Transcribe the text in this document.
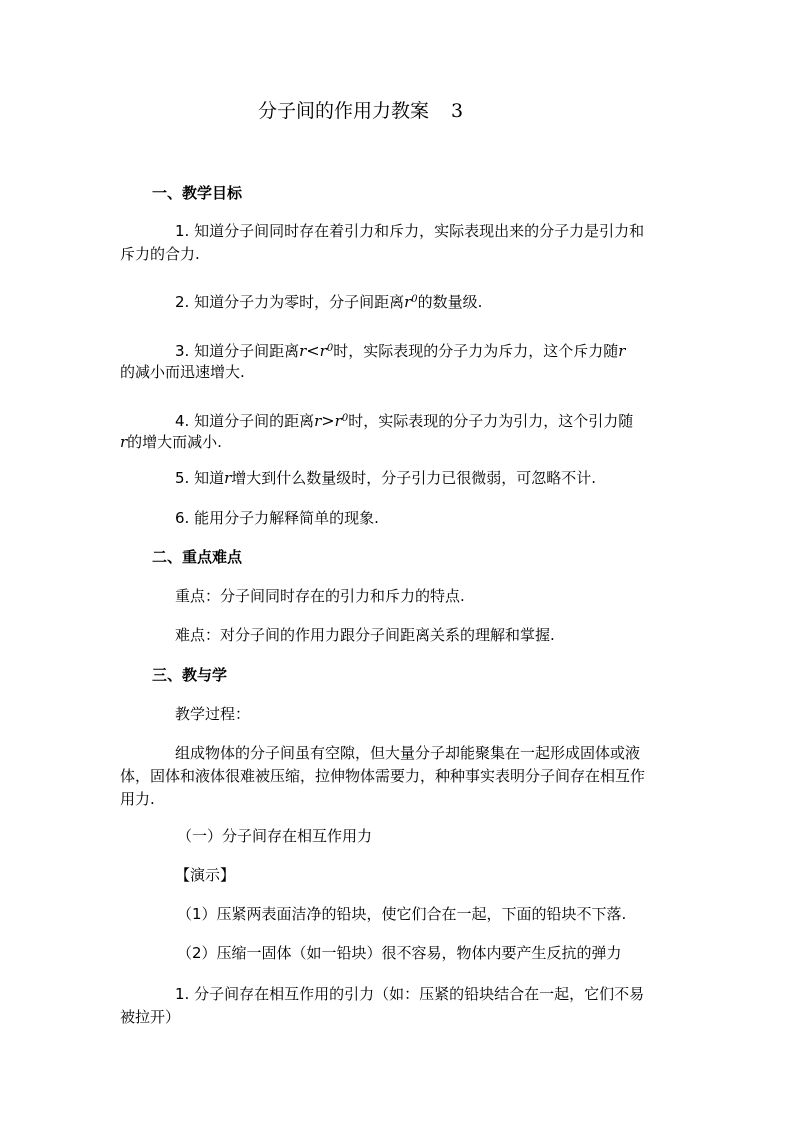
分子间的作用力教案 3
一、教学目标
1. 知道分子间同时存在着引力和斥力，实际表现出来的分子力是引力和
斥力的合力.
2. 知道分子力为零时，分子间距离$r^0$的数量级.
3. 知道分子间距离$r<r^0$时，实际表现的分子力为斥力，这个斥力随r
的减小而迅速增大.
4. 知道分子间的距离$r>r^0$时，实际表现的分子力为引力，这个引力随
r的增大而减小.
5. 知道r增大到什么数量级时，分子引力已很微弱，可忽略不计.
6. 能用分子力解释简单的现象.
二、重点难点
重点：分子间同时存在的引力和斥力的特点.
难点：对分子间的作用力跟分子间距离关系的理解和掌握.
三、教与学
教学过程：
组成物体的分子间虽有空隙，但大量分子却能聚集在一起形成固体或液
体，固体和液体很难被压缩，拉伸物体需要力，种种事实表明分子间存在相互作
用力.
（一）分子间存在相互作用力
【演示】
（1）压紧两表面洁净的铅块，使它们合在一起，下面的铅块不下落.
（2）压缩一固体（如一铅块）很不容易，物体内要产生反抗的弹力
1. 分子间存在相互作用的引力（如：压紧的铅块结合在一起，它们不易
被拉开）
